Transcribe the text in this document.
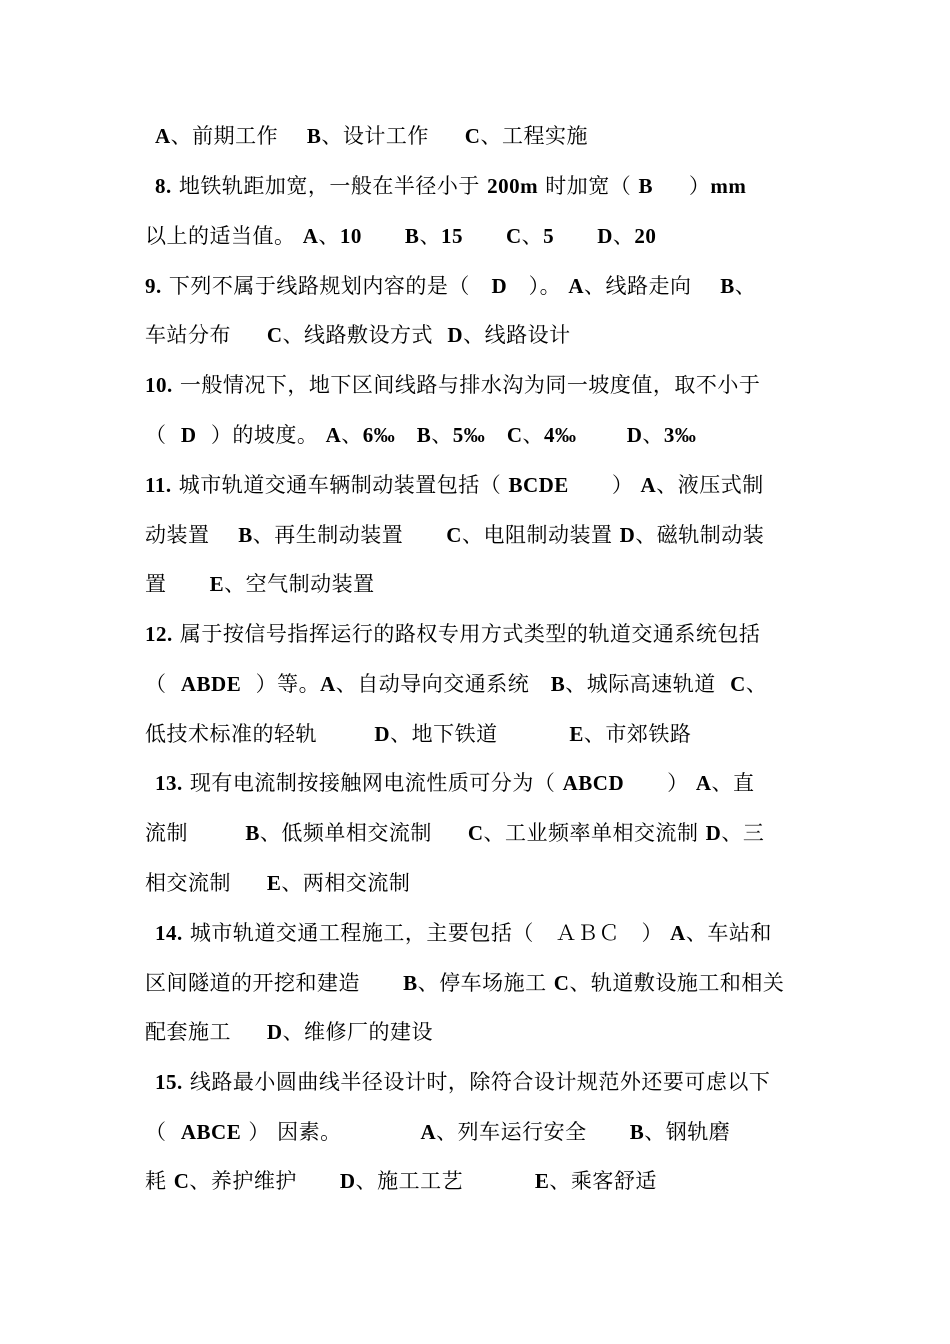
A、前期工作    B、设计工作     C、工程实施
8. 地铁轨距加宽，一般在半径小于 200m 时加宽（ B     ）mm
以上的适当值。 A、10 B、15 C、5 D、20
9. 下列不属于线路规划内容的是（   D   ）。 A、线路走向    B、
车站分布     C、线路敷设方式  D、线路设计
10. 一般情况下，地下区间线路与排水沟为同一坡度值，取不小于
（  D  ）的坡度。 A、6‰ B、5‰ C、4‰ D、3‰
11. 城市轨道交通车辆制动装置包括（ BCDE      ） A、液压式制
动装置    B、再生制动装置      C、电阻制动装置 D、磁轨制动装
置      E、空气制动装置
12. 属于按信号指挥运行的路权专用方式类型的轨道交通系统包括
（  ABDE  ）等。A、自动导向交通系统   B、城际高速轨道  C、
低技术标准的轻轨        D、地下铁道          E、市郊铁路
13. 现有电流制按接触网电流性质可分为（ ABCD      ） A、直
流制        B、低频单相交流制     C、工业频率单相交流制 D、三
相交流制     E、两相交流制
14. 城市轨道交通工程施工，主要包括（   ＡＢＣ   ） A、车站和
区间隧道的开挖和建造      B、停车场施工 C、轨道敷设施工和相关
配套施工     D、维修厂的建设
15. 线路最小圆曲线半径设计时，除符合设计规范外还要可虑以下
（  ABCE ） 因素。           A、列车运行安全      B、钢轨磨
耗 C、养护维护      D、施工工艺          E、乘客舒适
